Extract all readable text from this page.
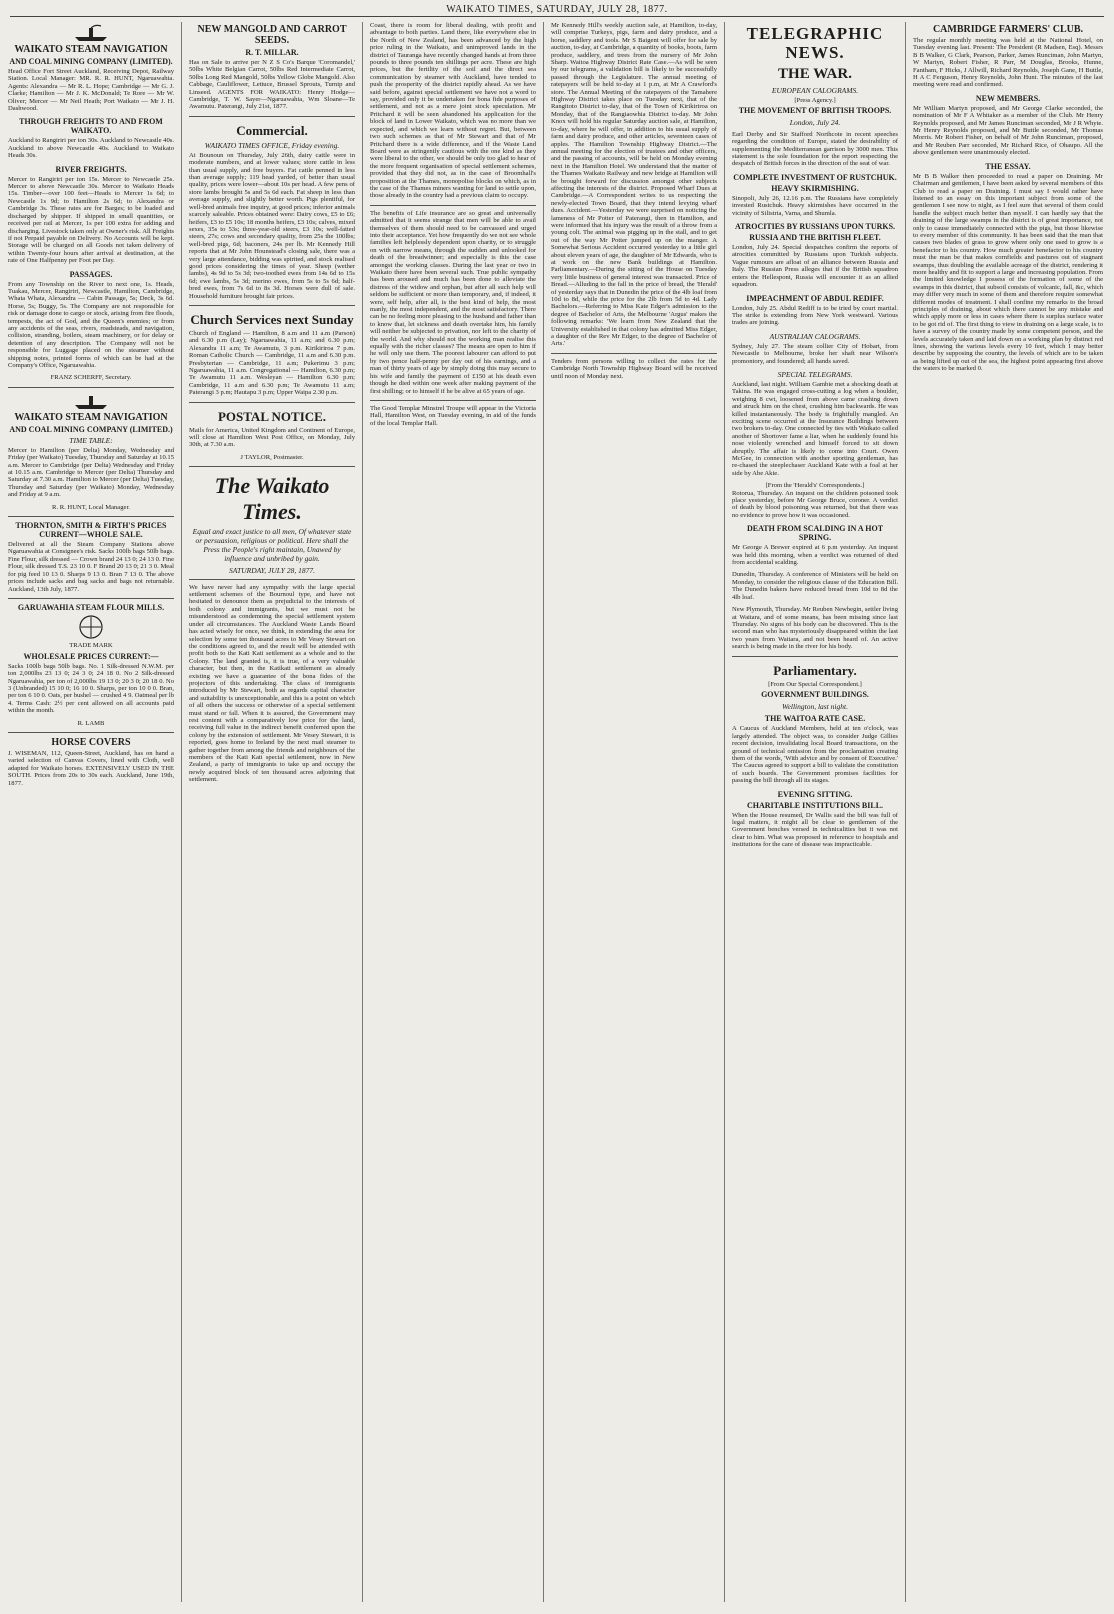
WAIKATO TIMES, SATURDAY, JULY 28, 1877.
WAIKATO STEAM NAVIGATION
AND COAL MINING COMPANY (LIMITED).
Head Office Fort Street Auckland, Receiving Depot, Railway Station. Local Manager: MR. R. R. HUNT, Ngaruawahia. Agents: Alexandra — Mr R. L. Hope; Cambridge — Mr G. J. Clarke; Hamilton — Mr J. K. McDonald; Te Rore — Mr W. Oliver; Mercer — Mr Neil Heath; Port Waikato — Mr J. H. Dashwood.
THROUGH FREIGHTS TO AND FROM WAIKATO.
Auckland to Rangiriri per ton 30s. Auckland to Newcastle 40s. Auckland to above Newcastle 40s. Auckland to Waikato Heads 30s.
RIVER FREIGHTS.
Mercer to Rangiriri per ton 15s. Mercer to Newcastle 25s. Mercer to above Newcastle 30s. Mercer to Waikato Heads 15s. Timber—over 100 feet—Heads to Mercer 1s 6d; to Newcastle 1s 9d; to Hamilton 2s 6d; to Alexandra or Cambridge 3s. These rates are for Barges; to be loaded and discharged by shipper. If shipped in small quantities, or received per rail at Mercer, 1s per 100 extra for adding and discharging. Livestock taken only at Owner's risk. All Freights if not Prepaid payable on Delivery. No Accounts will be kept. Storage will be charged on all Goods not taken delivery of within Twenty-four hours after arrival at destination, at the rate of One Halfpenny per Foot per Day.
PASSAGES.
From any Township on the River to next one, 1s. Heads, Tuakau, Mercer, Rangiriri, Newcastle, Hamilton, Cambridge, Whata Whata, Alexandra — Cabin Passage, 5s; Deck, 3s 6d. Horse, 5s; Buggy, 5s. The Company are not responsible for risk or damage done to cargo or stock, arising from fire floods, tempests, the act of God, and the Queen's enemies; or from any accidents of the seas, rivers, roadsteads, and navigation, collision, stranding, boilers, steam machinery, or for delay or detention of any description. The Company will not be responsible for Luggage placed on the steamer without shipping notes, printed forms of which can be had at the Company's Office, Ngaruawahia.
FRANZ SCHERFF, Secretary.
WAIKATO STEAM NAVIGATION
AND COAL MINING COMPANY (LIMITED.)
TIME TABLE:
Mercer to Hamilton (per Delta) Monday, Wednesday and Friday (per Waikato) Tuesday, Thursday and Saturday at 10.15 a.m. Mercer to Cambridge (per Delta) Wednesday and Friday at 10.15 a.m. Cambridge to Mercer (per Delta) Thursday and Saturday at 7.30 a.m. Hamilton to Mercer (per Delta) Tuesday, Thursday and Saturday (per Waikato) Monday, Wednesday and Friday at 9 a.m.
R. R. HUNT, Local Manager.
THORNTON, SMITH & FIRTH'S PRICES CURRENT—WHOLE SALE.
Delivered at all the Steam Company Stations above Ngaruawahia at Consignee's risk. Sacks 100lb bags 50lb bags. Fine Flour, silk dressed — Crown brand 24 13 0; 24 13 0. Fine Flour, silk dressed T.S. 23 10 0. F Brand 20 13 0; 21 3 0. Meal for pig feed 10 13 0. Sharps 9 13 0. Bran 7 13 0. The above prices include sacks and bag sacks and bags not returnable. Auckland, 13th July, 1877.
GARUAWAHIA STEAM FLOUR MILLS.
TRADE MARK
WHOLESALE PRICES CURRENT:—
Sacks 100lb bags 50lb bags. No. 1 Silk-dressed N.W.M. per ton 2,000lbs 23 13 0; 24 3 0; 24 18 0. No 2 Silk-dressed Ngaruawahia, per ton of 2,000lbs 19 13 0; 20 3 0; 20 18 0. No 3 (Unbranded) 15 10 0; 16 10 0. Sharps, per ton 10 0 0. Bran, per ton 6 10 0. Oats, per bushel — crushed 4 9. Oatmeal per lb 4. Terms Cash: 2½ per cent allowed on all accounts paid within the month.
R. LAMB
HORSE COVERS
J. WISEMAN, 112, Queen-Street, Auckland, has on hand a varied selection of Canvas Covers, lined with Cloth, well adapted for Waikato horses. EXTENSIVELY USED IN THE SOUTH. Prices from 20s to 30s each. Auckland, June 19th, 1877.
NEW MANGOLD AND CARROT SEEDS.
R. T. MILLAR.
Has on Sale to arrive per N Z S Co's Barque 'Coromandel,' 50lbs White Belgian Carrot, 50lbs Red Intermediate Carrot, 50lbs Long Red Mangold, 50lbs Yellow Globe Mangold. Also Cabbage, Cauliflower, Lettuce, Brussel Sprouts, Turnip and Linseed. AGENTS FOR WAIKATO: Henry Hodge—Cambridge, T. W. Sayer—Ngaruawahia, Wm Sloane—Te Awamutu. Paterangi, July 21st, 1877.
Commercial.
WAIKATO TIMES OFFICE, Friday evening.
At Bounoun on Thursday, July 26th, dairy cattle were in moderate numbers, and at lower values; store cattle in less than usual supply, and free buyers. Fat cattle penned in less than average supply; 119 head yarded, of better than usual quality, prices were lower—about 10s per head. A few pens of store lambs brought 5s and 5s 6d each. Fat sheep in less than average supply, and slightly better worth. Pigs plentiful, for well-bred animals free inquiry, at good prices; inferior animals scarcely saleable. Prices obtained were: Dairy cows, £5 to £6; heifers, £3 to £5 10s; 18 months heifers, £3 10s; calves, mixed sexes, 35s to 53s; three-year-old steers, £3 10s; well-fatted steers, 27s; cows and secondary quality, from 25s the 100lbs; well-bred pigs, 6d; baconers, 24s per lb. Mr Kennedy Hill reports that at Mr John Hounstead's closing sale, there was a very large attendance, bidding was spirited, and stock realised good prices considering the times of year. Sheep (wether lambs), 4s 9d to 5s 3d; two-toothed ewes from 14s 6d to 15s 6d; ewe lambs, 5s 3d; merino ewes, from 5s to 5s 6d; half-bred ewes, from 7s 6d to 8s 3d. Horses were dull of sale. Household furniture brought fair prices.
Church Services next Sunday
Church of England — Hamilton, 8 a.m and 11 a.m (Parson) and 6.30 p.m (Lay); Ngaruawahia, 11 a.m; and 6.30 p.m; Alexandra 11 a.m; Te Awamutu, 3 p.m. Kirikiriroa 7 p.m. Roman Catholic Church — Cambridge, 11 a.m and 6.30 p.m. Presbyterian — Cambridge, 11 a.m; Pukerimu 3 p.m; Ngaruawahia, 11 a.m. Congregational — Hamilton, 6.30 p.m; Te Awamutu 11 a.m. Wesleyan — Hamilton 6.30 p.m; Cambridge, 11 a.m and 6.30 p.m; Te Awamutu 11 a.m; Paterangi 3 p.m; Hautapu 3 p.m; Upper Waipa 2.30 p.m.
POSTAL NOTICE.
Mails for America, United Kingdom and Continent of Europe, will close at Hamilton West Post Office, on Monday, July 30th, at 7.30 a.m.
J TAYLOR, Postmaster.
The Waikato Times.
Equal and exact justice to all men, Of whatever state or persuasion, religious or political. Here shall the Press the People's right maintain, Unawed by influence and unbribed by gain.
SATURDAY, JULY 28, 1877.
We have never had any sympathy with the large special settlement schemes of the Bournoul type, and have not hesitated to denounce them as prejudicial to the interests of both colony and immigrants, but we must not be misunderstood as condemning the special settlement system under all circumstances. The Auckland Waste Lands Board has acted wisely for once, we think, in extending the area for selection by some ten thousand acres to Mr Vesey Stewart on the conditions agreed to, and the result will be attended with profit both to the Kati Kati settlement as a whole and to the Colony. The land granted is, it is true, of a very valuable character, but then, in the Katikati settlement as already existing we have a guarantee of the bona fides of the projectors of this undertaking. The class of immigrants introduced by Mr Stewart, both as regards capital character and suitability is unexceptionable, and this is a point on which of all others the success or otherwise of a special settlement must stand or fall. When it is assured, the Government may rest content with a comparatively low price for the land, receiving full value in the indirect benefit conferred upon the colony by the extension of settlement. Mr Vesey Stewart, it is reported, goes home to Ireland by the next mail steamer to gather together from among the friends and neighbours of the members of the Kati Kati special settlement, now in New Zealand, a party of immigrants to take up and occupy the newly acquired block of ten thousand acres adjoining that settlement.
Coast, there is room for liberal dealing, with profit and advantage to both parties. Land there, like everywhere else in the North of New Zealand, has been advanced by the high price ruling in the Waikato, and unimproved lands in the district of Tauranga have recently changed hands at from three pounds to three pounds ten shillings per acre. These are high prices, but the fertility of the soil and the direct sea communication by steamer with Auckland, have tended to push the prosperity of the district rapidly ahead. As we have said before, against special settlement we have not a word to say, provided only it be undertaken for bona fide purposes of settlement, and not as a mere joint stock speculation. Mr Pritchard it will be seen abandoned his application for the block of land in Lower Waikato, which was no more than we expected, and which we learn without regret. But, between two such schemes as that of Mr Stewart and that of Mr Pritchard there is a wide difference, and if the Waste Land Board were as stringently cautious with the one kind as they were liberal to the other, we should be only too glad to hear of the more frequent organisation of special settlement schemes, provided that they did not, as in the case of Broomhall's proposition at the Thames, monopolise blocks on which, as in the case of the Thames miners wanting for land to settle upon, those already in the country had a previous claim to occupy.
The benefits of Life insurance are so great and universally admitted that it seems strange that men will be able to avail themselves of them should need to be canvassed and urged into their acceptance. Yet how frequently do we not see whole families left helplessly dependent upon charity, or to struggle on with narrow means, through the sudden and unlooked for death of the breadwinner; and especially is this the case amongst the working classes. During the last year or two in Waikato there have been several such. True public sympathy has been aroused and much has been done to alleviate the distress of the widow and orphan, but after all such help will seldom be sufficient or more than temporary, and, if indeed, it were, self help, after all, is the best kind of help, the most manly, the most independent, and the most satisfactory. There can be no feeling more pleasing to the husband and father than to know that, let sickness and death overtake him, his family will neither be subjected to privation, nor left to the charity of the world. And why should not the working man realise this equally with the richer classes? The means are open to him if he will only use them. The poorest labourer can afford to put by two pence half-penny per day out of his earnings, and a man of thirty years of age by simply doing this may secure to his wife and family the payment of £150 at his death even though he died within one week after making payment of the first shilling; or to himself if he be alive at 65 years of age.
The Good Templar Minstrel Troupe will appear in the Victoria Hall, Hamilton West, on Tuesday evening, in aid of the funds of the local Templar Hall.
Mr Kennedy Hill's weekly auction sale, at Hamilton, to-day, will comprise Turkeys, pigs, farm and dairy produce, and a horse, saddlery and tools. Mr S Baigent will offer for sale by auction, to-day, at Cambridge, a quantity of books, boots, farm produce, saddlery, and trees from the nursery of Mr John Sharp. Waitoa Highway District Rate Case.—As will be seen by our telegrams, a validation bill is likely to be successfully passed through the Legislature. The annual meeting of ratepayers will be held to-day at 1 p.m, at Mr A Crawford's store. The Annual Meeting of the ratepayers of the Tamahere Highway District takes place on Tuesday next, that of the Rangitoto District to-day, that of the Town of Kirikiriroa on Monday, that of the Rangiaowhia District to-day. Mr John Knox will hold his regular Saturday auction sale, at Hamilton, to-day, where he will offer, in addition to his usual supply of farm and dairy produce, and other articles, seventeen cases of apples. The Hamilton Township Highway District.—The annual meeting for the election of trustees and other officers, and the passing of accounts, will be held on Monday evening next in the Hamilton Hotel. We understand that the matter of the Thames Waikato Railway and new bridge at Hamilton will be brought forward for discussion amongst other subjects affecting the interests of the district. Proposed Wharf Dues at Cambridge.—A Correspondent writes to us respecting the newly-elected Town Board, that they intend levying wharf dues. Accident.—Yesterday we were surprised on noticing the lameness of Mr Potter of Paterangi, then in Hamilton, and were informed that his injury was the result of a throw from a young colt. The animal was pigging up in the stall, and to get out of the way Mr Potter jumped up on the manger. A Somewhat Serious Accident occurred yesterday to a little girl about eleven years of age, the daughter of Mr Edwards, who is at work on the new Bank buildings at Hamilton. Parliamentary.—During the sitting of the House on Tuesday very little business of general interest was transacted. Price of Bread.—Alluding to the fall in the price of bread, the 'Herald' of yesterday says that in Dunedin the price of the 4lb loaf from 10d to 8d, while the price for the 2lb from 5d to 4d. Lady Bachelors.—Referring to Miss Kate Edger's admission to the degree of Bachelor of Arts, the Melbourne 'Argus' makes the following remarks: 'We learn from New Zealand that the University established in that colony has admitted Miss Edger, a daughter of the Rev Mr Edger, to the degree of Bachelor of Arts.'
Tenders from persons willing to collect the rates for the Cambridge North Township Highway Board will be received until noon of Monday next.
TELEGRAPHIC NEWS.
THE WAR.
EUROPEAN CALOGRAMS.
[Press Agency.]
THE MOVEMENT OF BRITISH TROOPS.
London, July 24.
Earl Derby and Sir Stafford Northcote in recent speeches regarding the condition of Europe, stated the desirability of supplementing the Mediterranean garrison by 3000 men. This statement is the sole foundation for the report respecting the despatch of British forces in the direction of the seat of war.
COMPLETE INVESTMENT OF RUSTCHUK.
HEAVY SKIRMISHING.
Sinopoli, July 26, 12.16 p.m. The Russians have completely invested Rustchuk. Heavy skirmishes have occurred in the vicinity of Silistria, Varna, and Shumla.
ATROCITIES BY RUSSIANS UPON TURKS.
RUSSIA AND THE BRITISH FLEET.
London, July 24. Special despatches confirm the reports of atrocities committed by Russians upon Turkish subjects. Vague rumours are afloat of an alliance between Russia and Italy. The Russian Press alleges that if the British squadron enters the Hellespont, Russia will encounter it as an allied squadron.
IMPEACHMENT OF ABDUL REDIFF.
London, July 25. Abdul Rediff is to be tried by court martial. The strike is extending from New York westward. Various trades are joining.
AUSTRALIAN CALOGRAMS.
Sydney, July 27. The steam collier City of Hobart, from Newcastle to Melbourne, broke her shaft near Wilson's promontory, and foundered; all hands saved.
SPECIAL TELEGRAMS.
Auckland, last night. William Gambie met a shocking death at Takina. He was engaged cross-cutting a log when a boulder, weighing 8 cwt, loosened from above came crashing down and struck him on the chest, crushing him backwards. He was killed instantaneously. The body is frightfully mangled. An exciting scene occurred at the Insurance Buildings between two brokers to-day. One connected by ties with Waikato called another of Shortover fame a liar, when he suddenly found his nose violently wrenched and himself forced to sit down abruptly. The affair is likely to come into Court. Owen McGee, in connection with another sporting gentleman, has re-chased the steeplechaser Auckland Kate with a foal at her side by Abe Akie.
[From the 'Herald's' Correspondents.]
Rotorua, Thursday. An inquest on the children poisoned took place yesterday, before Mr George Bruce, coroner. A verdict of death by blood poisoning was returned, but that there was no evidence to prove how it was occasioned.
DEATH FROM SCALDING IN A HOT SPRING.
Mr George A Brewer expired at 6 p.m yesterday. An inquest was held this morning, when a verdict was returned of died from accidental scalding.
Dunedin, Thursday. A conference of Ministers will be held on Monday, to consider the religious clause of the Education Bill. The Dunedin bakers have reduced bread from 10d to 8d the 4lb loaf.
New Plymouth, Thursday. Mr Reuben Newbegin, settler living at Waitara, and of some means, has been missing since last Thursday. No signs of his body can be discovered. This is the second man who has mysteriously disappeared within the last two years from Waitara, and not been heard of. An active search is being made in the river for his body.
Parliamentary.
[From Our Special Correspondent.]
GOVERNMENT BUILDINGS.
Wellington, last night.
THE WAITOA RATE CASE.
A Caucus of Auckland Members, held at ten o'clock, was largely attended. The object was, to consider Judge Gillies recent decision, invalidating local Board transactions, on the ground of technical omission from the proclamation creating them of the words, 'With advice and by consent of Executive.' The Caucus agreed to support a bill to validate the constitution of such boards. The Government promises facilities for passing the bill through all its stages.
EVENING SITTING.
CHARITABLE INSTITUTIONS BILL.
When the House resumed, Dr Wallis said the bill was full of legal matters, it might all be clear to gentlemen of the Government benches versed in technicalities but it was not clear to him. What was proposed in reference to hospitals and institutions for the care of disease was impracticable.
CAMBRIDGE FARMERS' CLUB.
The regular monthly meeting was held at the National Hotel, on Tuesday evening last. Present: The President (R Madsen, Esq). Messrs B B Walker, G Clark, Pearson, Parker, James Runciman, John Martyn, W Martyn, Robert Fisher, R Parr, M Douglas, Brooks, Hunne, Fantham, F Hicks, J Allwill, Richard Reynolds, Joseph Gane, H Buttle, H A C Ferguson, Henry Reynolds, John Hunt. The minutes of the last meeting were read and confirmed.
NEW MEMBERS.
Mr William Martyn proposed, and Mr George Clarke seconded, the nomination of Mr F A Whitaker as a member of the Club. Mr Henry Reynolds proposed, and Mr James Runciman seconded, Mr J R Whyte. Mr Henry Reynolds proposed, and Mr Buttle seconded, Mr Thomas Morris. Mr Robert Fisher, on behalf of Mr John Runciman, proposed, and Mr Reuben Parr seconded, Mr Richard Rice, of Ohaupo. All the above gentlemen were unanimously elected.
THE ESSAY.
Mr B B Walker then proceeded to read a paper on Draining. Mr Chairman and gentlemen, I have been asked by several members of this Club to read a paper on Draining. I must say I would rather have listened to an essay on this important subject from some of the gentlemen I see now to night, as I feel sure that several of them could handle the subject much better than myself. I can hardly say that the draining of the large swamps in the district is of great importance, not only to cause immediately connected with the pigs, but those likewise to every member of this community. It has been said that the man that causes two blades of grass to grow where only one used to grow is a benefactor to his country. How much greater benefactor to his country must the man be that makes cornfields and pastures out of stagnant swamps, thus doubling the available acreage of the district, rendering it more healthy and fit to support a large and increasing population. From the limited knowledge I possess of the formation of some of the swamps in this district, that subsoil consists of volcanic, fall, &c, which may differ very much in some of them and therefore require somewhat different modes of treatment. I shall confine my remarks to the broad principles of draining, about which there cannot be any mistake and which apply more or less in cases where there is surplus surface water to be got rid of. The first thing to view in draining on a large scale, is to have a survey of the country made by some competent person, and the levels accurately taken and laid down on a working plan by distinct red lines, showing the various levels every 10 feet, which I may better describe by supposing the country, the levels of which are to be taken as being lifted up out of the sea, the highest point appearing first above the waters to be marked 0.
